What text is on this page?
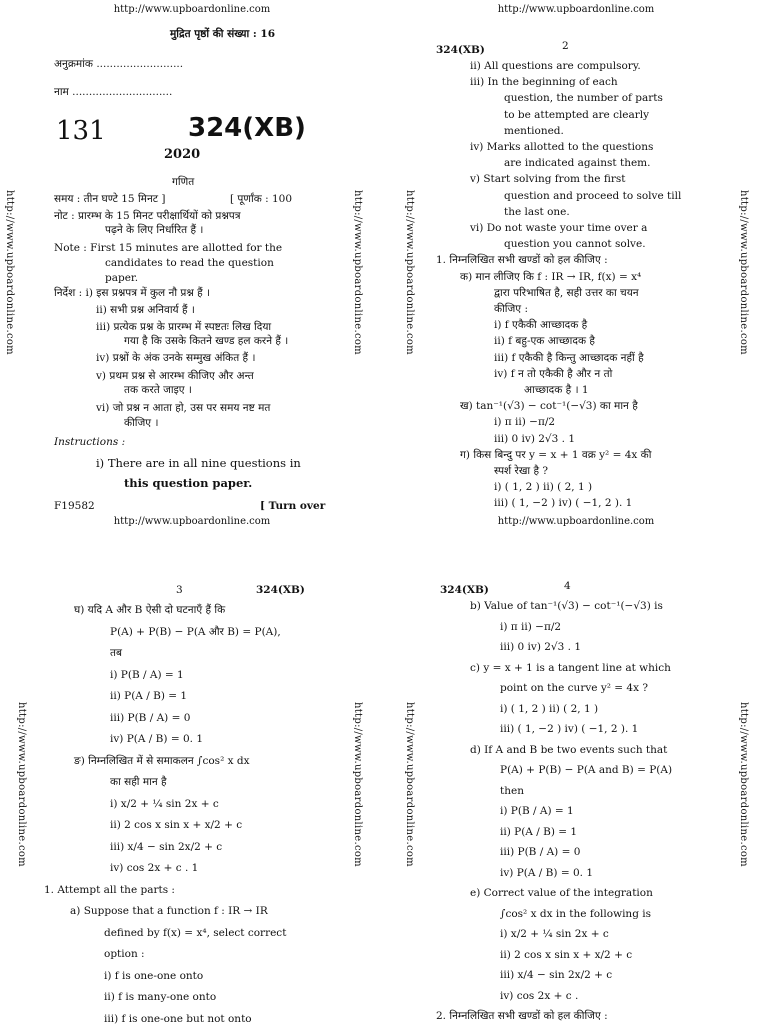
http://www.upboardonline.com
http://www.upboardonline.com	http://www.upboardonline.com
मुद्रित पृष्ठों की संख्या : 16
अनुक्रमांक ..........................
नाम ..............................
131	324(XB)
2020
गणित
समय : तीन घण्टे 15 मिनट ]	[ पूर्णांक : 100
नोट : प्रारम्भ के 15 मिनट परीक्षार्थियों को प्रश्नपत्र
पढ़ने के लिए निर्धारित हैं ।
Note : First 15 minutes are allotted for the
candidates to read the question
paper.
निर्देश : i) इस प्रश्नपत्र में कुल नौ प्रश्न हैं ।
ii) सभी प्रश्न अनिवार्य हैं ।
iii) प्रत्येक प्रश्न के प्रारम्भ में स्पष्टतः लिख दिया
गया है कि उसके कितने खण्ड हल करने हैं ।
iv) प्रश्नों के अंक उनके सम्मुख अंकित हैं ।
v) प्रथम प्रश्न से आरम्भ कीजिए और अन्त
तक करते जाइए ।
vi) जो प्रश्न न आता हो, उस पर समय नष्ट मत
कीजिए ।
Instructions :
i) There are in all nine questions in
this question paper.
F19582	[ Turn over
http://www.upboardonline.com
http://www.upboardonline.com	http://www.upboardonline.com
2
324(XB)
ii) All questions are compulsory.
iii) In the beginning of each
question, the number of parts
to be attempted are clearly
mentioned.
iv) Marks allotted to the questions
are indicated against them.
v) Start solving from the first
question and proceed to solve till
the last one.
vi) Do not waste your time over a
question you cannot solve.
1. निम्नलिखित सभी खण्डों को हल कीजिए :
क) मान लीजिए कि f : IR → IR, f(x) = x⁴
द्वारा परिभाषित है, सही उत्तर का चयन
कीजिए :
i) f एकैकी आच्छादक है
ii) f बहु-एक आच्छादक है
iii) f एकैकी है किन्तु आच्छादक नहीं है
iv) f न तो एकैकी है और न तो
आच्छादक है । 1
ख) tan⁻¹(√3) − cot⁻¹(−√3) का मान है
i) π ii) −π/2
iii) 0 iv) 2√3 . 1
ग) किस बिन्दु पर y = x + 1 वक्र y² = 4x की
स्पर्श रेखा है ?
i) ( 1, 2 ) ii) ( 2, 1 )
iii) ( 1, −2 ) iv) ( −1, 2 ). 1
http://www.upboardonline.com
http://www.upboardonline.com	http://www.upboardonline.com
3	324(XB)
घ) यदि A और B ऐसी दो घटनाएँ हैं कि
P(A) + P(B) − P(A और B) = P(A),
तब
i) P(B / A) = 1
ii) P(A / B) = 1
iii) P(B / A) = 0
iv) P(A / B) = 0. 1
ङ) निम्नलिखित में से समाकलन ∫cos² x dx
का सही मान है
i) x/2 + ¼ sin 2x + c
ii) 2 cos x sin x + x/2 + c
iii) x/4 − sin 2x/2 + c
iv) cos 2x + c . 1
1. Attempt all the parts :
a) Suppose that a function f : IR → IR
defined by f(x) = x⁴, select correct
option :
i) f is one-one onto
ii) f is many-one onto
iii) f is one-one but not onto
http://www.upboardonline.com
http://www.upboardonline.com	http://www.upboardonline.com
4
324(XB)
b) Value of tan⁻¹(√3) − cot⁻¹(−√3) is
i) π ii) −π/2
iii) 0 iv) 2√3 . 1
c) y = x + 1 is a tangent line at which
point on the curve y² = 4x ?
i) ( 1, 2 ) ii) ( 2, 1 )
iii) ( 1, −2 ) iv) ( −1, 2 ). 1
d) If A and B be two events such that
P(A) + P(B) − P(A and B) = P(A)
then
i) P(B / A) = 1
ii) P(A / B) = 1
iii) P(B / A) = 0
iv) P(A / B) = 0. 1
e) Correct value of the integration
∫cos² x dx in the following is
i) x/2 + ¼ sin 2x + c
ii) 2 cos x sin x + x/2 + c
iii) x/4 − sin 2x/2 + c
iv) cos 2x + c .
2. निम्नलिखित सभी खण्डों को हल कीजिए :
